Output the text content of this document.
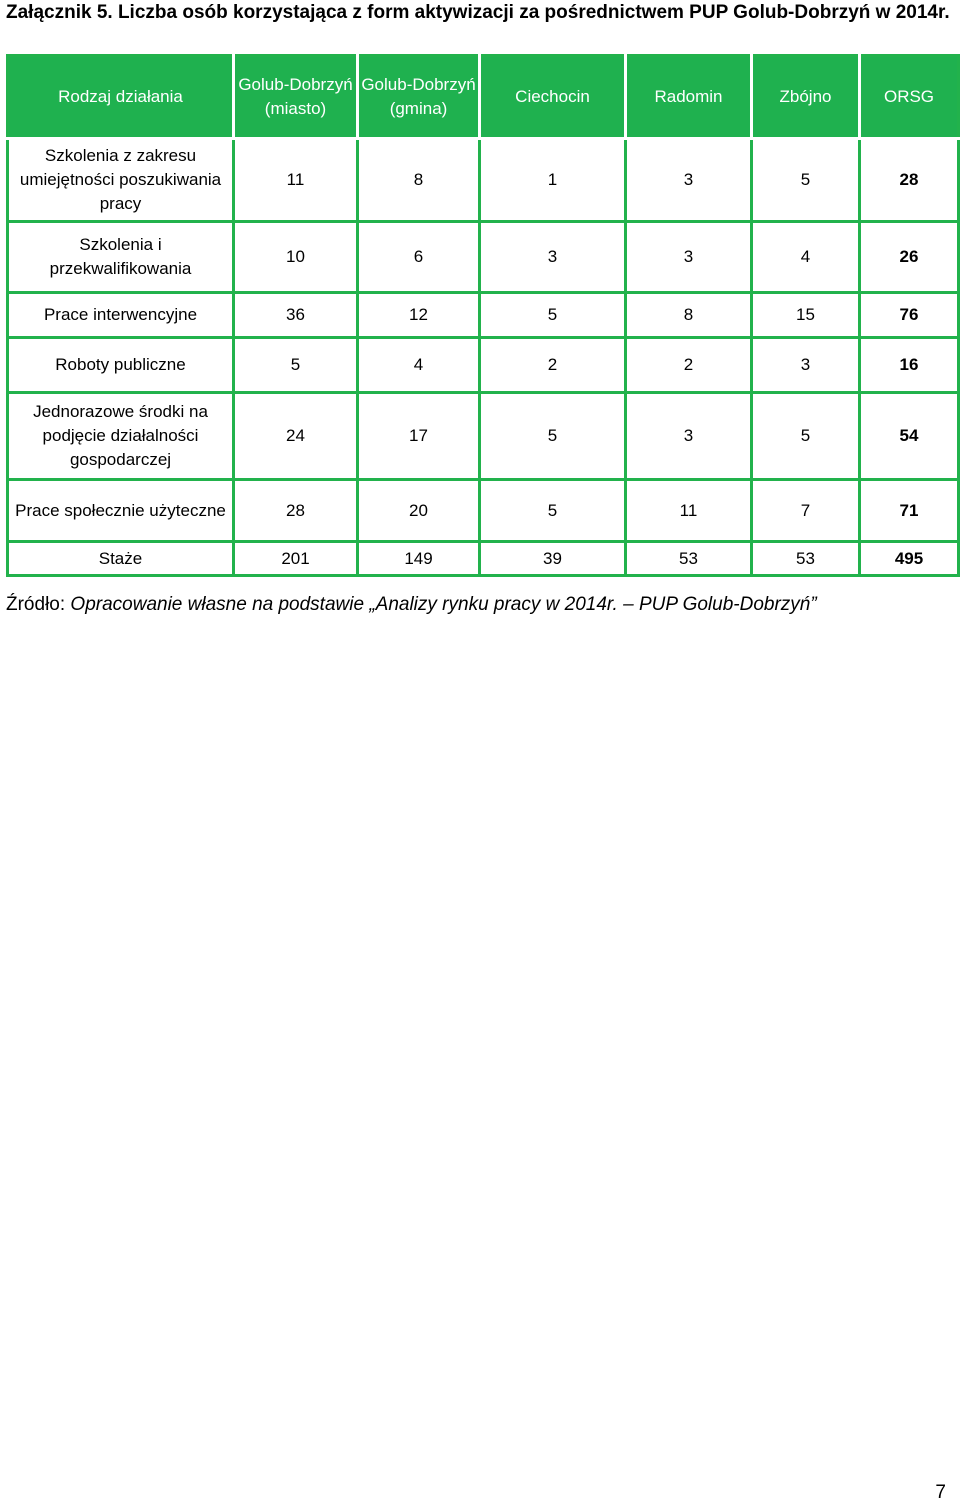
Załącznik 5. Liczba osób korzystająca z form aktywizacji za pośrednictwem PUP Golub-Dobrzyń w 2014r.
Rodzaj działania	Golub-Dobrzyń (miasto)	Golub-Dobrzyń (gmina)	Ciechocin	Radomin	Zbójno	ORSG
Szkolenia z zakresu umiejętności poszukiwania pracy	11	8	1	3	5	28
Szkolenia i przekwalifikowania	10	6	3	3	4	26
Prace interwencyjne	36	12	5	8	15	76
Roboty publiczne	5	4	2	2	3	16
Jednorazowe środki na podjęcie działalności gospodarczej	24	17	5	3	5	54
Prace społecznie użyteczne	28	20	5	11	7	71
Staże	201	149	39	53	53	495
Źródło: Opracowanie własne na podstawie „Analizy rynku pracy w 2014r. – PUP Golub-Dobrzyń”
7
